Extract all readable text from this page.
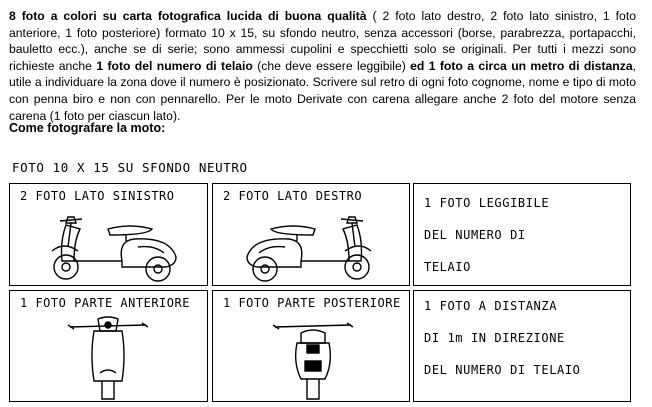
8 foto a colori su carta fotografica lucida di buona qualità ( 2 foto lato destro, 2 foto lato sinistro, 1 foto anteriore, 1 foto posteriore) formato 10 x 15, su sfondo neutro, senza accessori (borse, parabrezza, portapacchi, bauletto ecc.), anche se di serie; sono ammessi cupolini e specchietti solo se originali. Per tutti i mezzi sono richieste anche 1 foto del numero di telaio (che deve essere leggibile) ed 1 foto a circa un metro di distanza, utile a individuare la zona dove il numero è posizionato. Scrivere sul retro di ogni foto cognome, nome e tipo di moto con penna biro e non con pennarello. Per le moto Derivate con carena allegare anche 2 foto del motore senza carena (1 foto per ciascun lato).
Come fotografare la moto:
FOTO 10 X 15 SU SFONDO NEUTRO
2 FOTO LATO SINISTRO	2 FOTO LATO DESTRO	1 FOTO LEGGIBILE
DEL NUMERO DI
TELAIO
1 FOTO PARTE ANTERIORE	1 FOTO PARTE POSTERIORE 1 FOTO A DISTANZA
DI 1m IN DIREZIONE
DEL NUMERO DI TELAIO
